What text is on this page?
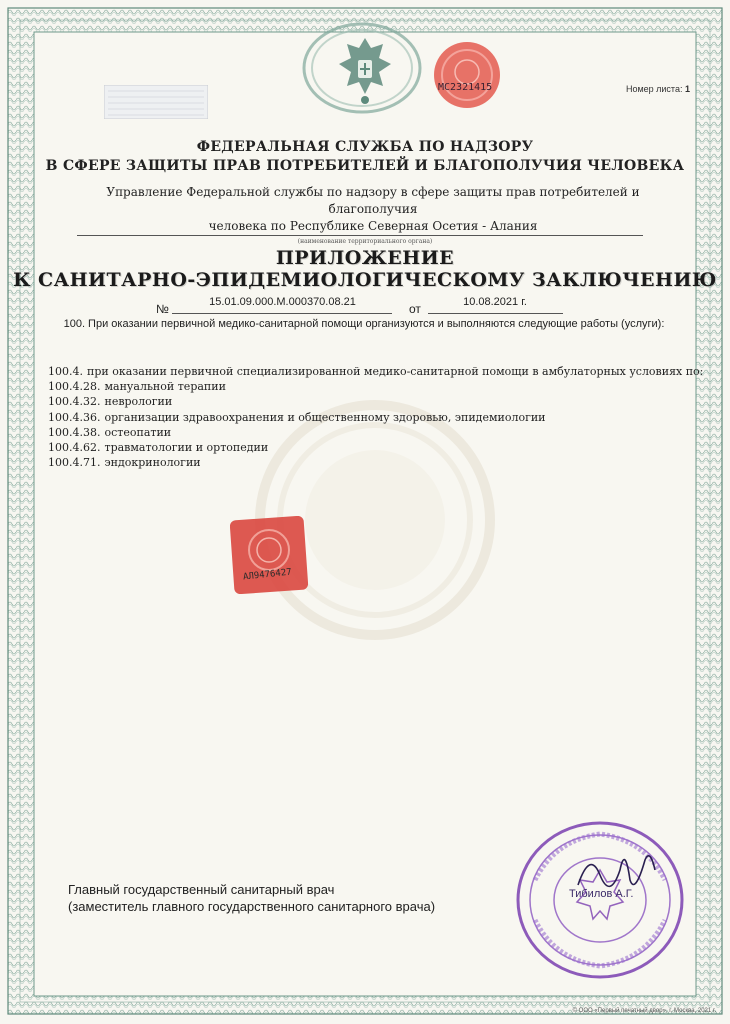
МС2321415	Номер листа: 1
ФЕДЕРАЛЬНАЯ СЛУЖБА ПО НАДЗОРУ
В СФЕРЕ ЗАЩИТЫ ПРАВ ПОТРЕБИТЕЛЕЙ И БЛАГОПОЛУЧИЯ ЧЕЛОВЕКА
Управление Федеральной службы по надзору в сфере защиты прав потребителей и благополучия
человека по Республике Северная Осетия - Алания
(наименование территориального органа)
ПРИЛОЖЕНИЕ
К САНИТАРНО-ЭПИДЕМИОЛОГИЧЕСКОМУ ЗАКЛЮЧЕНИЮ
№	15.01.09.000.М.000370.08.21	от	10.08.2021 г.
100. При оказании первичной медико-санитарной помощи организуются и выполняются следующие работы (услуги):
100.4. при оказании первичной специализированной медико-санитарной помощи в амбулаторных условиях по:
100.4.28. мануальной терапии
100.4.32. неврологии
100.4.36. организации здравоохранения и общественному здоровью, эпидемиологии
100.4.38. остеопатии
100.4.62. травматологии и ортопедии
100.4.71. эндокринологии
АЛ9476427
Главный государственный санитарный врач
(заместитель главного государственного санитарного врача)
Тибилов А.Г.
© ООО «Первый печатный двор», г. Москва, 2021 г.
